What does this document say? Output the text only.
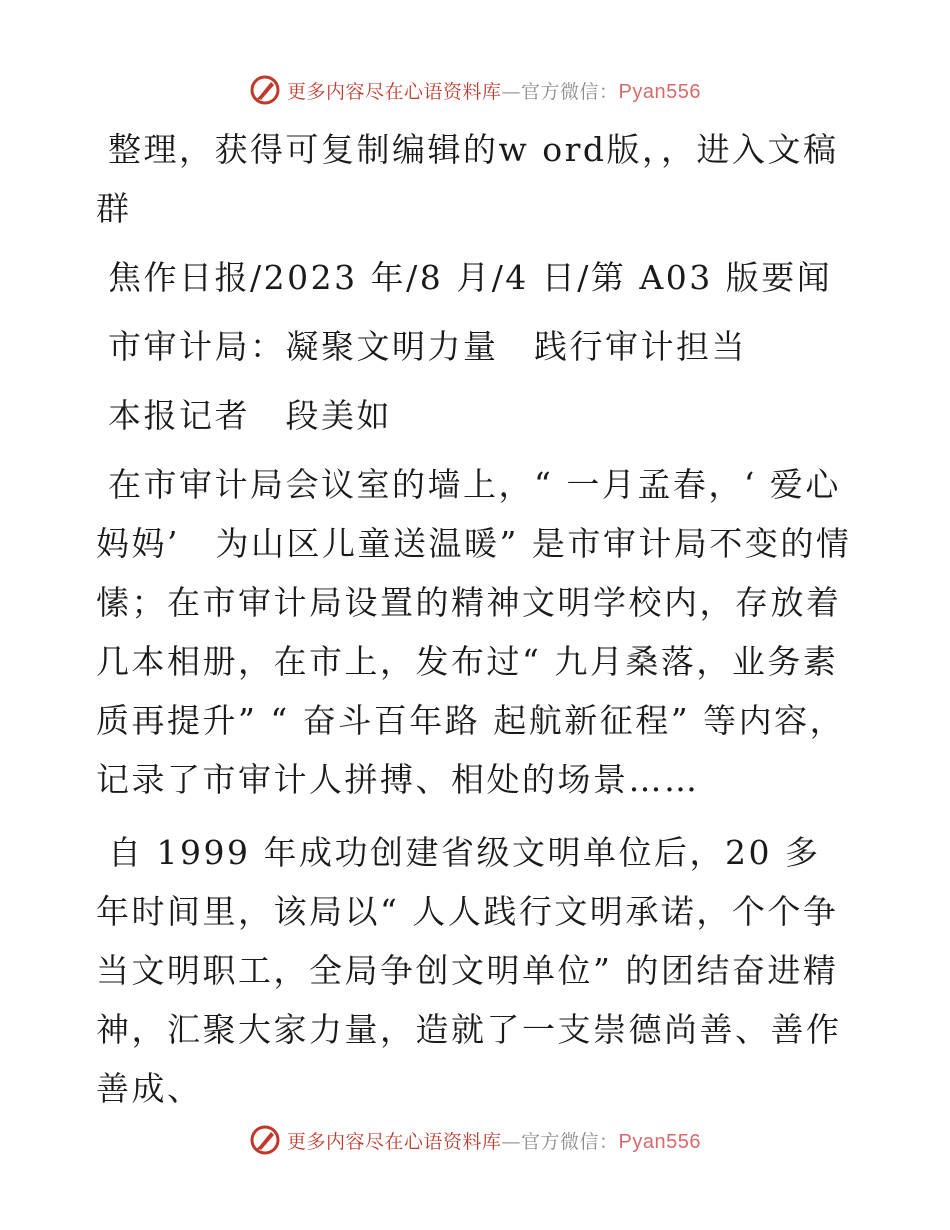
更多内容尽在心语资料库—官方微信：Pyan556

整理，获得可复制编辑的w ord版，，进入文稿群

焦作日报/2023 年/8 月/4 日/第 A03 版要闻

市审计局：凝聚文明力量　践行审计担当

本报记者　段美如

在市审计局会议室的墙上，“ 一月孟春，‘ 爱心妈妈’　为山区儿童送温暖” 是市审计局不变的情愫；在市审计局设置的精神文明学校内，存放着几本相册，在市上，发布过“ 九月桑落，业务素质再提升” “ 奋斗百年路 起航新征程” 等内容，记录了市审计人拼搏、相处的场景……

自 1999 年成功创建省级文明单位后，20 多年时间里，该局以“ 人人践行文明承诺，个个争当文明职工，全局争创文明单位” 的团结奋进精神，汇聚大家力量，造就了一支崇德尚善、善作善成、

更多内容尽在心语资料库—官方微信：Pyan556
